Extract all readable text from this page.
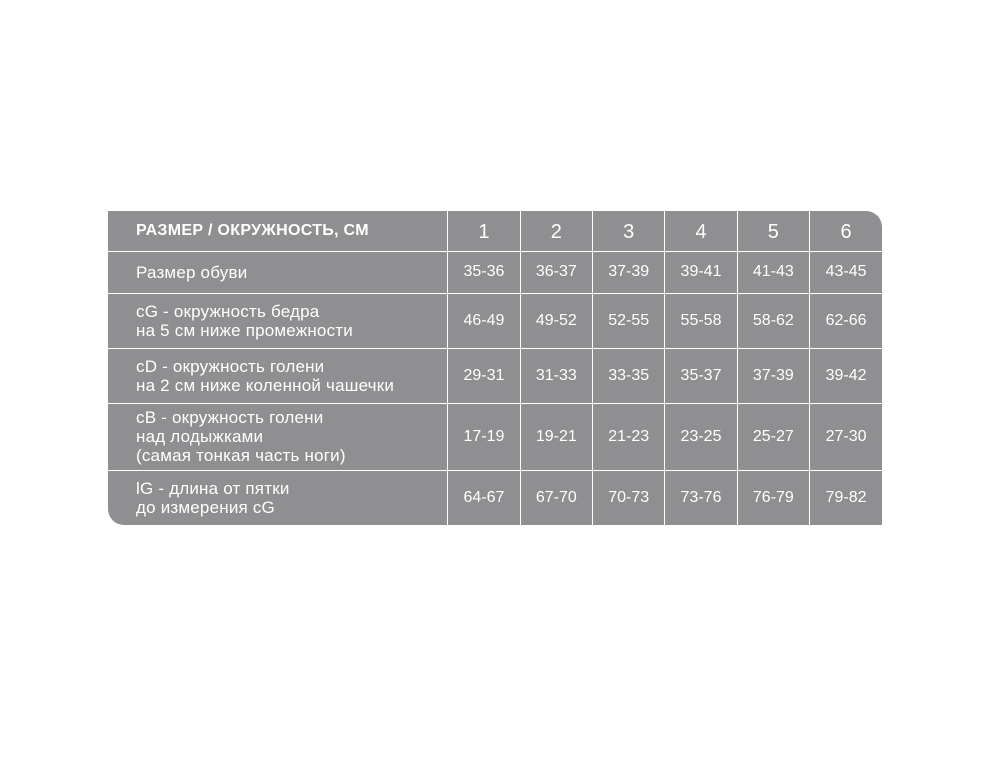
РАЗМЕР / ОКРУЖНОСТЬ, СМ	1	2	3	4	5	6

Размер обуви	35-36	36-37	37-39	39-41	41-43	43-45

cG - окружность бедра
на 5 см ниже промежности	46-49	49-52	52-55	55-58	58-62	62-66

cD - окружность голени
на 2 см ниже коленной чашечки	29-31	31-33	33-35	35-37	37-39	39-42

cB - окружность голени
над лодыжками
(самая тонкая часть ноги)	17-19	19-21	21-23	23-25	25-27	27-30

lG - длина от пятки
до измерения cG	64-67	67-70	70-73	73-76	76-79	79-82
